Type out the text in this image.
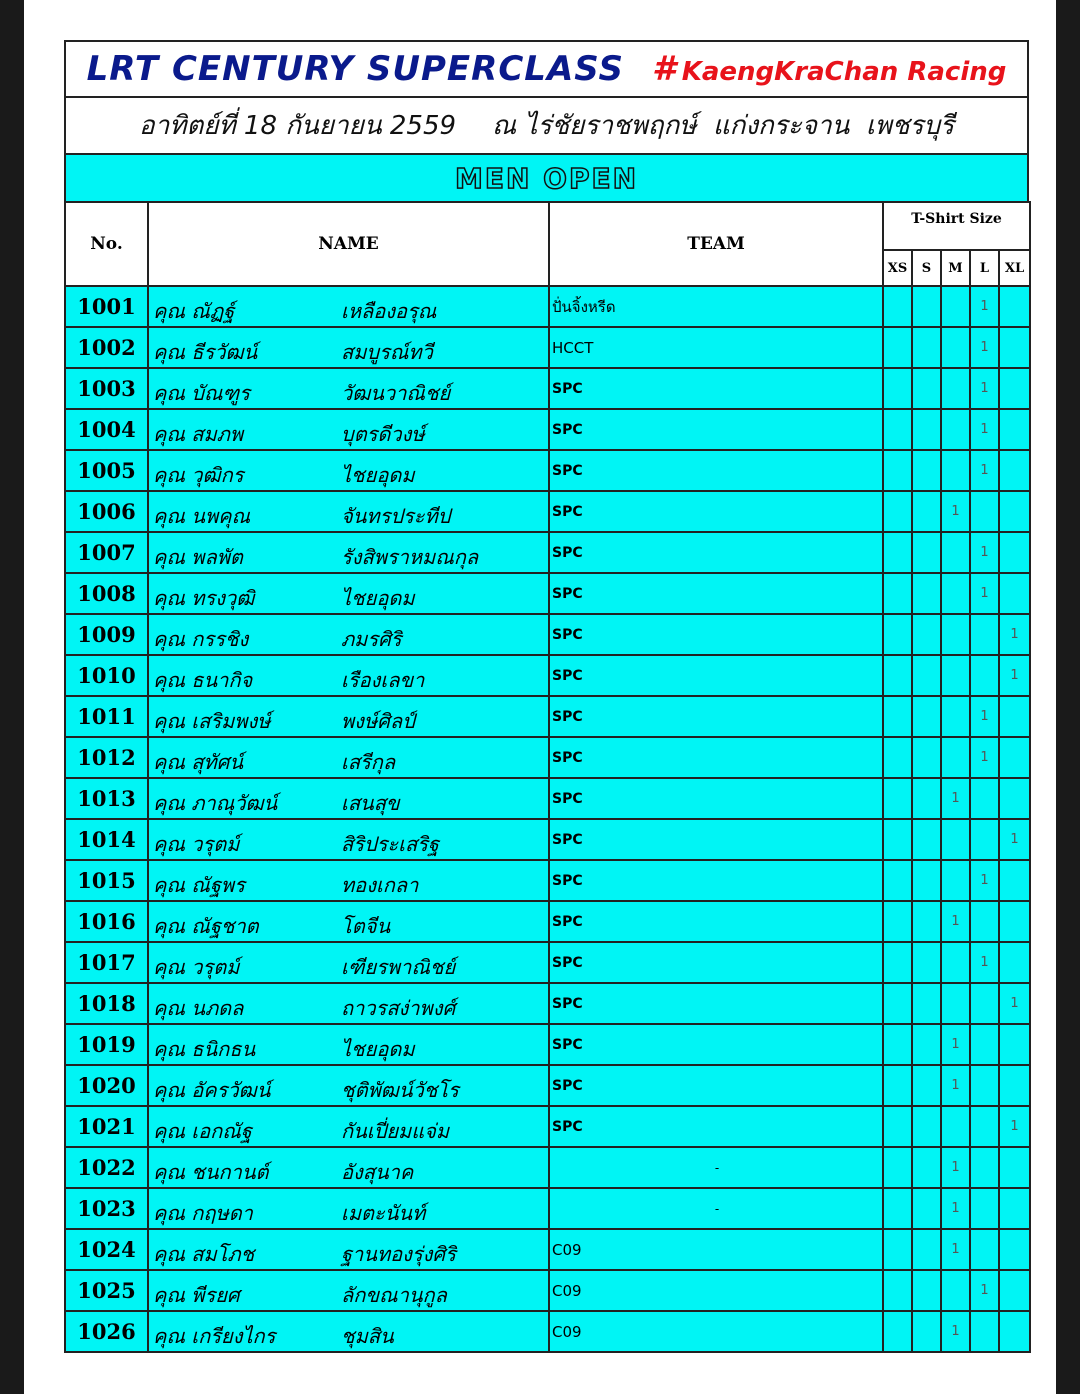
LRT CENTURY SUPERCLASS # KaengKraChan Racing
อาทิตย์ที่ 18 กันยายน 2559 ณ ไร่ชัยราชพฤกษ์  แก่งกระจาน  เพชรบุรี
MEN OPEN
No.	NAME	TEAM	T-Shirt Size				
			XS	S	M	L	XL
1001	คุณ ณัฏฐ์ เหลืองอรุณ	ปั่นจิ้งหรีด				1	
1002	คุณ ธีรวัฒน์ สมบูรณ์ทวี	HCCT				1	
1003	คุณ บัณฑูร วัฒนวาณิชย์	SPC				1	
1004	คุณ สมภพ บุตรดีวงษ์	SPC				1	
1005	คุณ วุฒิกร ไชยอุดม	SPC				1	
1006	คุณ นพคุณ จันทรประทีป	SPC			1		
1007	คุณ พลพัต รังสิพราหมณกุล	SPC				1	
1008	คุณ ทรงวุฒิ ไชยอุดม	SPC				1	
1009	คุณ กรรชิง ภมรศิริ	SPC					1
1010	คุณ ธนากิจ เรืองเลขา	SPC					1
1011	คุณ เสริมพงษ์ พงษ์ศิลป์	SPC				1	
1012	คุณ สุทัศน์ เสรีกุล	SPC				1	
1013	คุณ ภาณุวัฒน์ เสนสุข	SPC			1		
1014	คุณ วรุตม์ สิริประเสริฐ	SPC					1
1015	คุณ ณัฐพร ทองเกลา	SPC				1	
1016	คุณ ณัฐชาต โตจีน	SPC			1		
1017	คุณ วรุตม์ เฑียรพาณิชย์	SPC				1	
1018	คุณ นภดล ถาวรสง่าพงศ์	SPC					1
1019	คุณ ธนิกธน ไชยอุดม	SPC			1		
1020	คุณ อัครวัฒน์ ชุติพัฒน์วัชโร	SPC			1		
1021	คุณ เอกณัฐ กันเปี่ยมแจ่ม	SPC					1
1022	คุณ ชนกานต์ อังสุนาค	-			1		
1023	คุณ กฤษดา เมตะนันท์	-			1		
1024	คุณ สมโภช ฐานทองรุ่งศิริ	C09			1		
1025	คุณ พีรยศ ลักขณานุกูล	C09				1	
1026	คุณ เกรียงไกร ชุมสิน	C09			1		
